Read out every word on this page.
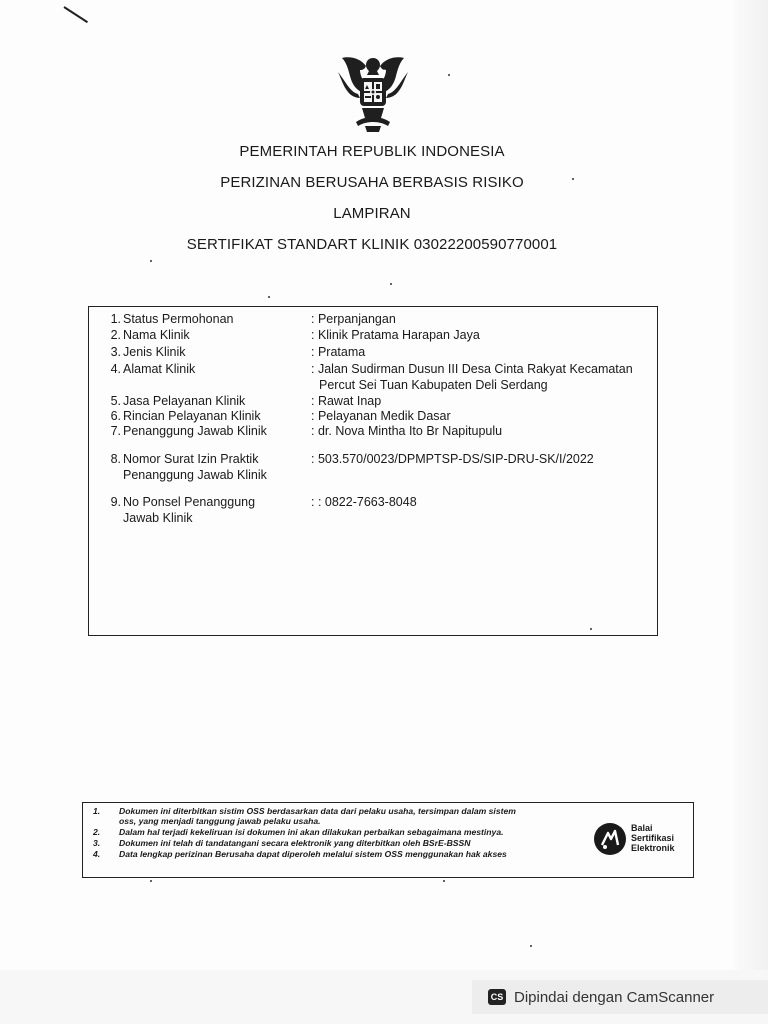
PEMERINTAH REPUBLIK INDONESIA
PERIZINAN BERUSAHA BERBASIS RISIKO
LAMPIRAN
SERTIFIKAT STANDART KLINIK 03022200590770001
1. Status Permohonan	: Perpanjangan
2. Nama Klinik	: Klinik Pratama Harapan Jaya
3. Jenis Klinik	: Pratama
4. Alamat Klinik	: Jalan Sudirman Dusun III Desa Cinta Rakyat Kecamatan
Percut Sei Tuan Kabupaten Deli Serdang
5. Jasa Pelayanan Klinik	: Rawat Inap
6. Rincian Pelayanan Klinik	: Pelayanan Medik Dasar
7. Penanggung Jawab Klinik	: dr. Nova Mintha Ito Br Napitupulu
8. Nomor Surat Izin Praktik
Penanggung Jawab Klinik
: 503.570/0023/DPMPTSP-DS/SIP-DRU-SK/I/2022
9. No Ponsel Penanggung
Jawab Klinik
: : 0822-7663-8048
1. Dokumen ini diterbitkan sistim OSS berdasarkan data dari pelaku usaha, tersimpan dalam sistem
oss, yang menjadi tanggung jawab pelaku usaha.
2. Dalam hal terjadi kekeliruan isi dokumen ini akan dilakukan perbaikan sebagaimana mestinya.
3. Dokumen ini telah di tandatangani secara elektronik yang diterbitkan oleh BSrE-BSSN
4. Data lengkap perizinan Berusaha dapat diperoleh melalui sistem OSS menggunakan hak akses
Balai
Sertifikasi
Elektronik
CS Dipindai dengan CamScanner
